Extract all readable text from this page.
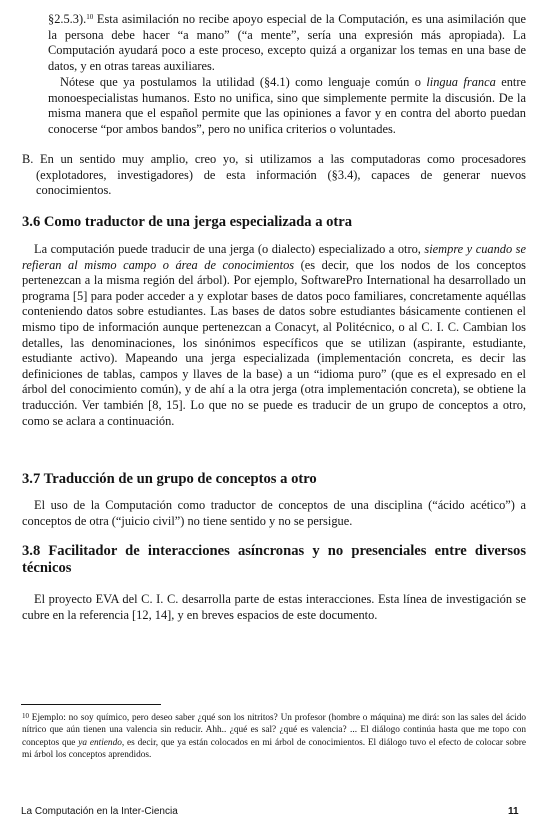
§2.5.3).$^{10}$ Esta asimilación no recibe apoyo especial de la Computación, es una asimilación que la persona debe hacer “a mano” (“a mente”, sería una expresión más apropiada). La Computación ayudará poco a este proceso, excepto quizá a organizar los temas en una base de datos, y en otras tareas auxiliares.

Nótese que ya postulamos la utilidad (§4.1) como lenguaje común o lingua franca entre monoespecialistas humanos. Esto no unifica, sino que simplemente permite la discusión. De la misma manera que el español permite que las opiniones a favor y en contra del aborto puedan conocerse “por ambos bandos”, pero no unifica criterios o voluntades.

B. En un sentido muy amplio, creo yo, si utilizamos a las computadoras como procesadores (explotadores, investigadores) de esta información (§3.4), capaces de generar nuevos conocimientos.

3.6 Como traductor de una jerga especializada a otra

La computación puede traducir de una jerga (o dialecto) especializado a otro, siempre y cuando se refieran al mismo campo o área de conocimientos (es decir, que los nodos de los conceptos pertenezcan a la misma región del árbol). Por ejemplo, SoftwarePro International ha desarrollado un programa [5] para poder acceder a y explotar bases de datos poco familiares, concretamente aquéllas conteniendo datos sobre estudiantes. Las bases de datos sobre estudiantes básicamente contienen el mismo tipo de información aunque pertenezcan a Conacyt, al Politécnico, o al C. I. C. Cambian los detalles, las denominaciones, los sinónimos específicos que se utilizan (aspirante, estudiante, estudiante activo). Mapeando una jerga especializada (implementación concreta, es decir las definiciones de tablas, campos y llaves de la base) a un “idioma puro” (que es el expresado en el árbol del conocimiento común), y de ahí a la otra jerga (otra implementación concreta), se obtiene la traducción. Ver también [8, 15]. Lo que no se puede es traducir de un grupo de conceptos a otro, como se aclara a continuación.

3.7 Traducción de un grupo de conceptos a otro

El uso de la Computación como traductor de conceptos de una disciplina (“ácido acético”) a conceptos de otra (“juicio civil”) no tiene sentido y no se persigue.

3.8 Facilitador de interacciones asíncronas y no presenciales entre diversos técnicos

El proyecto EVA del C. I. C. desarrolla parte de estas interacciones. Esta línea de investigación se cubre en la referencia [12, 14], y en breves espacios de este documento.

$^{10}$ Ejemplo: no soy químico, pero deseo saber ¿qué son los nitritos? Un profesor (hombre o máquina) me dirá: son las sales del ácido nítrico que aún tienen una valencia sin reducir. Ahh.. ¿qué es sal? ¿qué es valencia? ... El diálogo continúa hasta que me topo con conceptos que ya entiendo, es decir, que ya están colocados en mi árbol de conocimientos. El diálogo tuvo el efecto de colocar sobre mi árbol los conceptos aprendidos.

La Computación en la Inter-Ciencia	11
